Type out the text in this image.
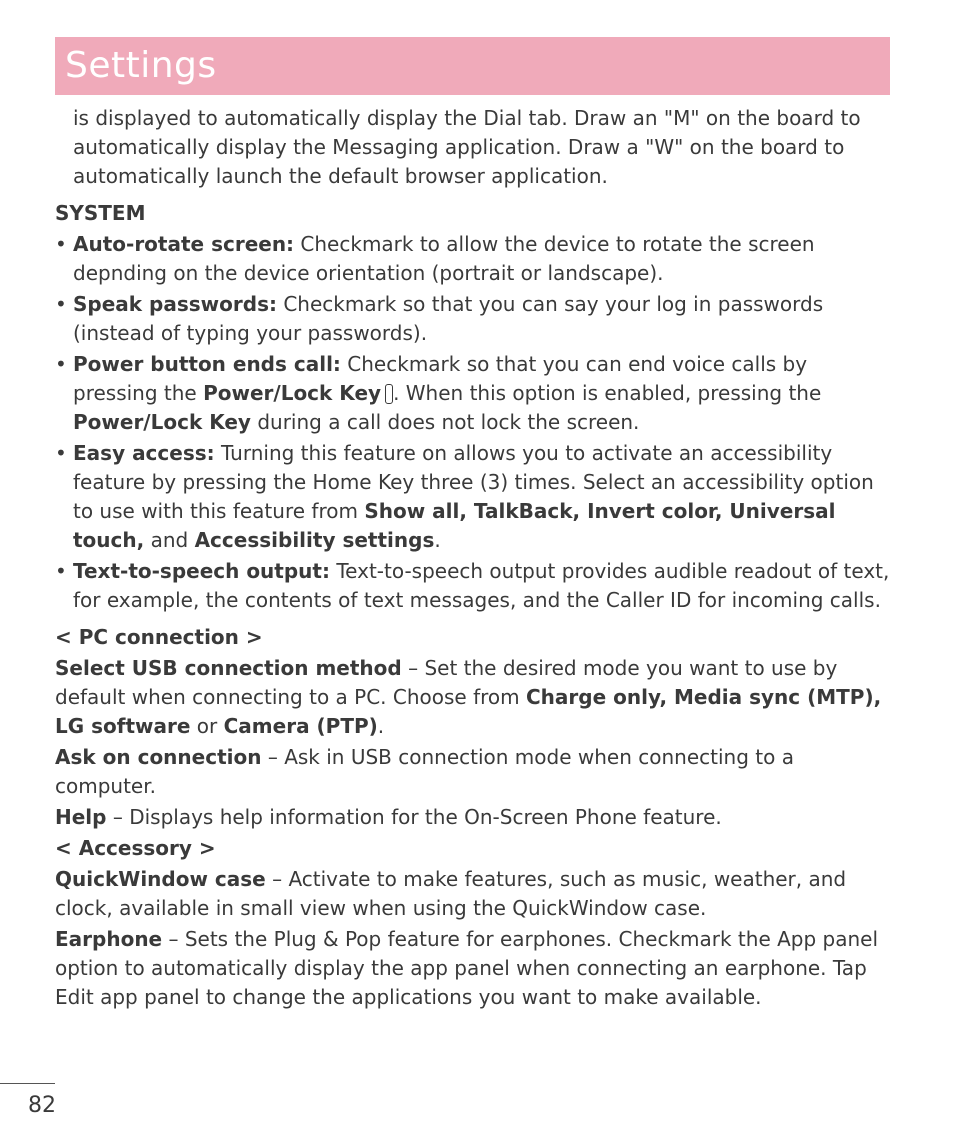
Settings

is displayed to automatically display the Dial tab. Draw an "M" on the board to automatically display the Messaging application. Draw a "W" on the board to automatically launch the default browser application.

SYSTEM

• Auto-rotate screen: Checkmark to allow the device to rotate the screen depnding on the device orientation (portrait or landscape).
• Speak passwords: Checkmark so that you can say your log in passwords (instead of typing your passwords).
• Power button ends call: Checkmark so that you can end voice calls by pressing the Power/Lock Key . When this option is enabled, pressing the Power/Lock Key during a call does not lock the screen.
• Easy access: Turning this feature on allows you to activate an accessibility feature by pressing the Home Key three (3) times. Select an accessibility option to use with this feature from Show all, TalkBack, Invert color, Universal touch, and Accessibility settings.
• Text-to-speech output: Text-to-speech output provides audible readout of text, for example, the contents of text messages, and the Caller ID for incoming calls.

< PC connection >

Select USB connection method – Set the desired mode you want to use by default when connecting to a PC. Choose from Charge only, Media sync (MTP), LG software or Camera (PTP).

Ask on connection – Ask in USB connection mode when connecting to a computer.

Help – Displays help information for the On-Screen Phone feature.

< Accessory >

QuickWindow case – Activate to make features, such as music, weather, and clock, available in small view when using the QuickWindow case.

Earphone – Sets the Plug & Pop feature for earphones. Checkmark the App panel option to automatically display the app panel when connecting an earphone. Tap Edit app panel to change the applications you want to make available.

82
